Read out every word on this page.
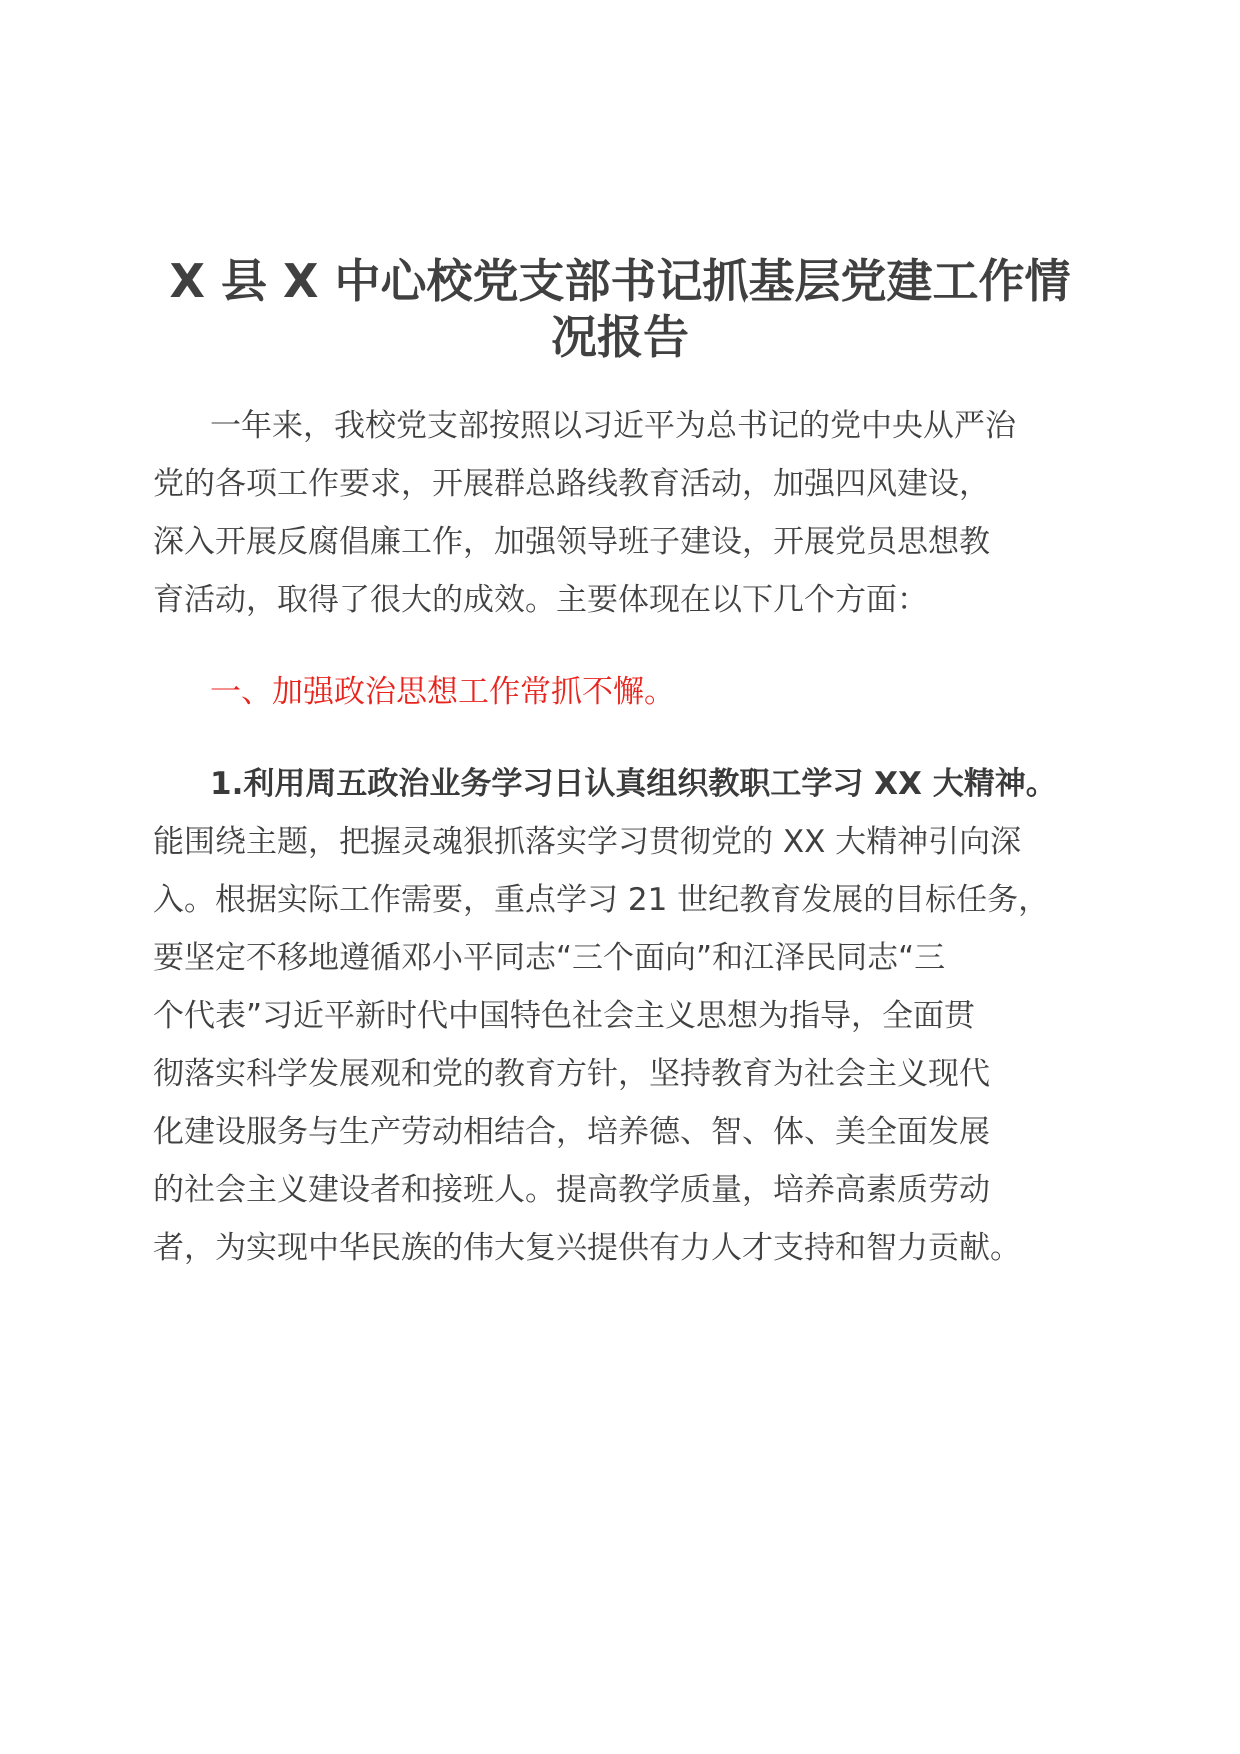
X 县 X 中心校党支部书记抓基层党建工作情
况报告

一年来，我校党支部按照以习近平为总书记的党中央从严治

党的各项工作要求，开展群总路线教育活动，加强四风建设，

深入开展反腐倡廉工作，加强领导班子建设，开展党员思想教

育活动，取得了很大的成效。主要体现在以下几个方面：

一、加强政治思想工作常抓不懈。

1.利用周五政治业务学习日认真组织教职工学习 XX 大精神。

能围绕主题，把握灵魂狠抓落实学习贯彻党的 XX 大精神引向深

入。根据实际工作需要，重点学习 21 世纪教育发展的目标任务，

要坚定不移地遵循邓小平同志“三个面向”和江泽民同志“三

个代表”习近平新时代中国特色社会主义思想为指导，全面贯

彻落实科学发展观和党的教育方针，坚持教育为社会主义现代

化建设服务与生产劳动相结合，培养德、智、体、美全面发展

的社会主义建设者和接班人。提高教学质量，培养高素质劳动

者，为实现中华民族的伟大复兴提供有力人才支持和智力贡献。
